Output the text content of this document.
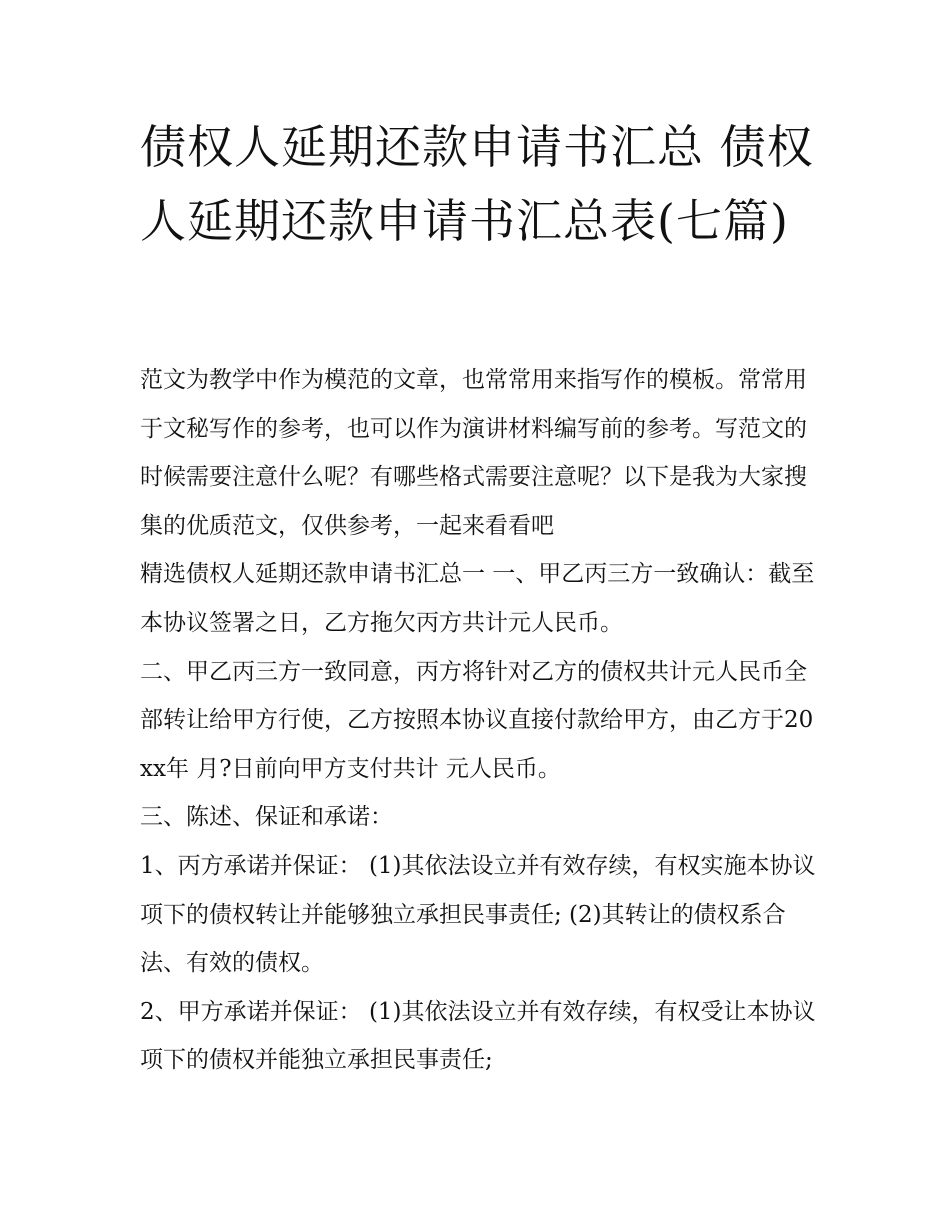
债权人延期还款申请书汇总 债权人延期还款申请书汇总表(七篇)

范文为教学中作为模范的文章，也常常用来指写作的模板。常常用于文秘写作的参考，也可以作为演讲材料编写前的参考。写范文的时候需要注意什么呢？有哪些格式需要注意呢？以下是我为大家搜集的优质范文，仅供参考，一起来看看吧

精选债权人延期还款申请书汇总一 一、甲乙丙三方一致确认：截至本协议签署之日，乙方拖欠丙方共计元人民币。

二、甲乙丙三方一致同意，丙方将针对乙方的债权共计元人民币全部转让给甲方行使，乙方按照本协议直接付款给甲方，由乙方于20xx年 月?日前向甲方支付共计 元人民币。

三、陈述、保证和承诺：

1、丙方承诺并保证： (1)其依法设立并有效存续，有权实施本协议项下的债权转让并能够独立承担民事责任; (2)其转让的债权系合法、有效的债权。

2、甲方承诺并保证： (1)其依法设立并有效存续，有权受让本协议项下的债权并能独立承担民事责任;
